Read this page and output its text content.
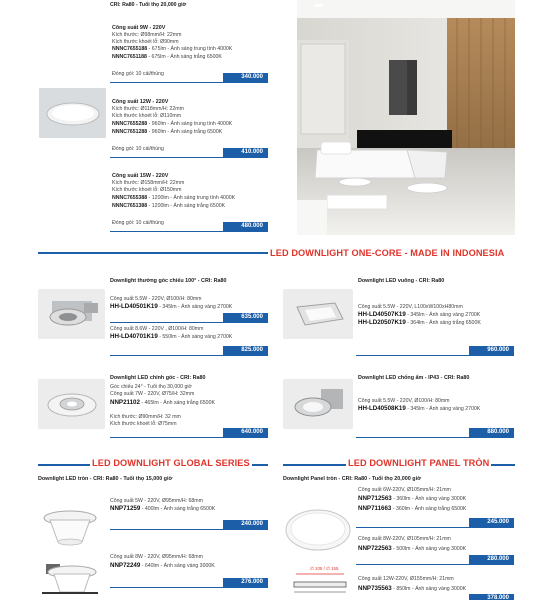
CRI: Ra80 - Tuổi thọ 20,000 giờ
Công suất 9W - 220V
Kích thước: Ø98mm/H: 22mm
Kích thước khoét lỗ: Ø90mm
NNNC7655188 - 675lm - Ánh sáng trung tính 4000K
NNNC7651188 - 675lm - Ánh sáng trắng 6500K
Đóng gói: 10 cái/thùng	340.000
Công suất 12W - 220V
Kích thước: Ø118mm/H: 22mm
Kích thước khoét lỗ: Ø110mm
NNNC7655288 - 960lm - Ánh sáng trung tính 4000K
NNNC7651288 - 960lm - Ánh sáng trắng 6500K
Đóng gói: 10 cái/thùng	410.000
Công suất 15W - 220V
Kích thước: Ø158mm/H: 22mm
Kích thước khoét lỗ: Ø150mm
NNNC7655388 - 1200lm - Ánh sáng trung tính 4000K
NNNC7651388 - 1200lm - Ánh sáng trắng 6500K
Đóng gói: 10 cái/thùng	480.000
LED DOWNLIGHT ONE-CORE - MADE IN INDONESIA
Downlight thường góc chiếu 100° - CRI: Ra80
Công suất 5.5W - 220V, Ø100/H: 80mm
HH-LD40501K19 - 345lm - Ánh sáng vàng 2700K
635.000
Công suất 8.6W - 220V , Ø100/H: 80mm
HH-LD40701K19 - 550lm - Ánh sáng vàng 2700K
825.000
Downlight LED vuông - CRI: Ra80
Công suất 5.5W - 220V, L100xW100xH80mm
HH-LD40507K19 - 345lm - Ánh sáng vàng 2700K
HH-LD20507K19 - 364lm - Ánh sáng trắng 6500K
960.000
Downlight LED chỉnh góc - CRI: Ra80
Góc chiếu 24° - Tuổi thọ 30,000 giờ
Công suất 7W - 220V, Ø75/H: 32mm
NNP21102 - 465lm - Ánh sáng trắng 6500K
Kích thước: Ø90mm/H: 32 mm
Kích thước khoét lỗ: Ø75mm
640.000
Downlight LED chống ẩm - IP43 - CRI: Ra80
Công suất 5.5W - 220V, Ø100/H: 80mm
HH-LD40508K19 - 345lm - Ánh sáng vàng 2700K
880.000
LED DOWNLIGHT GLOBAL SERIES
Downlight LED tròn - CRI: Ra80 - Tuổi thọ 15,000 giờ
Công suất 5W - 220V, Ø95mm/H: 68mm
NNP71259 - 400lm - Ánh sáng trắng 6500K
240.000
Công suất 8W - 220V, Ø95mm/H: 68mm
NNP72249 - 640lm - Ánh sáng vàng 3000K
276.000
LED DOWNLIGHT PANEL TRÒN
Downlight Panel tròn - CRI: Ra80 - Tuổi thọ 20,000 giờ
Công suất 6W-220V, Ø105mm/H: 21mm
NNP712563 - 360lm - Ánh sáng vàng 3000K
NNP711663 - 360lm - Ánh sáng trắng 6500K
245.000
Công suất 8W-220V, Ø105mm/H: 21mm
NNP722563 - 500lm - Ánh sáng vàng 3000K
280.000
∅ 105 / ∅ 155
Công suất 12W-220V, Ø155mm/H: 21mm
NNP735563 - 850lm - Ánh sáng vàng 3000K
378.000
